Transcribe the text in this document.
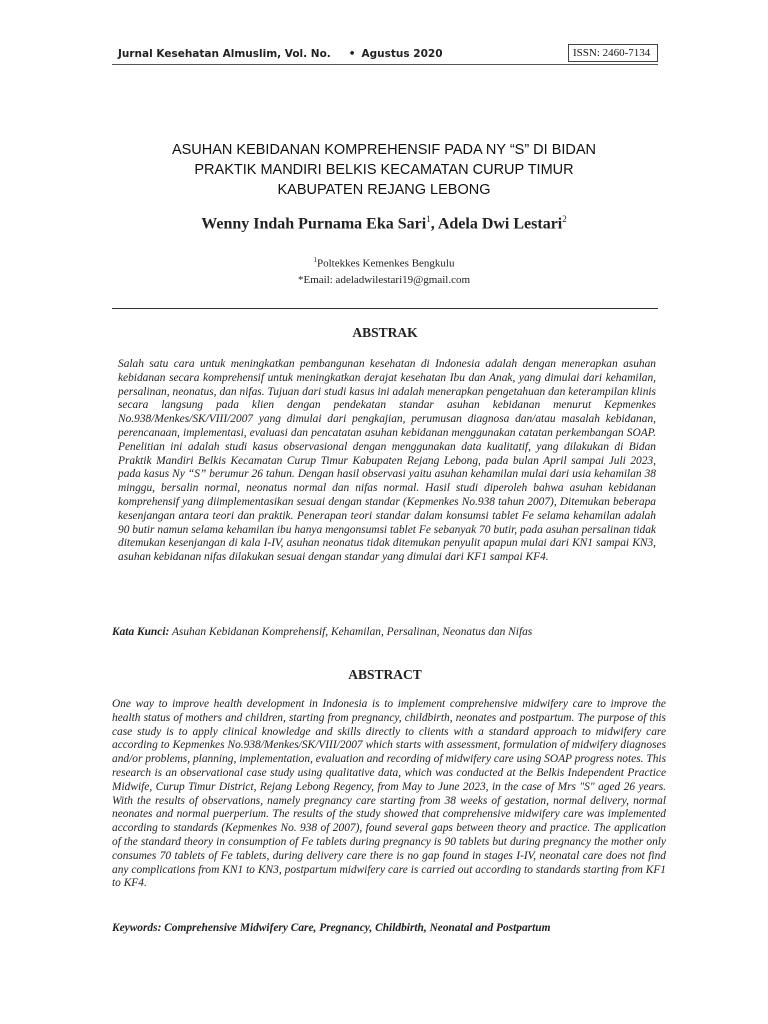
Jurnal Kesehatan Almuslim, Vol. No. • Agustus 2020	ISSN: 2460-7134
ASUHAN KEBIDANAN KOMPREHENSIF PADA NY “S” DI BIDAN
PRAKTIK MANDIRI BELKIS KECAMATAN CURUP TIMUR
KABUPATEN REJANG LEBONG
Wenny Indah Purnama Eka Sari$^1$, Adela Dwi Lestari$^2$
$^1$Poltekkes Kemenkes Bengkulu
*Email: adeladwilestari19@gmail.com
ABSTRAK

Salah satu cara untuk meningkatkan pembangunan kesehatan di Indonesia adalah dengan menerapkan asuhan kebidanan secara komprehensif untuk meningkatkan derajat kesehatan Ibu dan Anak, yang dimulai dari kehamilan, persalinan, neonatus, dan nifas. Tujuan dari studi kasus ini adalah menerapkan pengetahuan dan keterampilan klinis secara langsung pada klien dengan pendekatan standar asuhan kebidanan menurut Kepmenkes No.938/Menkes/SK/VIII/2007 yang dimulai dari pengkajian, perumusan diagnosa dan/atau masalah kebidanan, perencanaan, implementasi, evaluasi dan pencatatan asuhan kebidanan menggunakan catatan perkembangan SOAP. Penelitian ini adalah studi kasus observasional dengan menggunakan data kualitatif, yang dilakukan di Bidan Praktik Mandiri Belkis Kecamatan Curup Timur Kabupaten Rejang Lebong, pada bulan April sampai Juli 2023, pada kasus Ny “S” berumur 26 tahun. Dengan hasil observasi yaitu asuhan kehamilan mulai dari usia kehamilan 38 minggu, bersalin normal, neonatus normal dan nifas normal. Hasil studi diperoleh bahwa asuhan kebidanan komprehensif yang diimplementasikan sesuai dengan standar (Kepmenkes No.938 tahun 2007), Ditemukan beberapa kesenjangan antara teori dan praktik. Penerapan teori standar dalam konsumsi tablet Fe selama kehamilan adalah 90 butir namun selama kehamilan ibu hanya mengonsumsi tablet Fe sebanyak 70 butir, pada asuhan persalinan tidak ditemukan kesenjangan di kala I-IV, asuhan neonatus tidak ditemukan penyulit apapun mulai dari KN1 sampai KN3, asuhan kebidanan nifas dilakukan sesuai dengan standar yang dimulai dari KF1 sampai KF4.

Kata Kunci: Asuhan Kebidanan Komprehensif, Kehamilan, Persalinan, Neonatus dan Nifas

ABSTRACT

One way to improve health development in Indonesia is to implement comprehensive midwifery care to improve the health status of mothers and children, starting from pregnancy, childbirth, neonates and postpartum. The purpose of this case study is to apply clinical knowledge and skills directly to clients with a standard approach to midwifery care according to Kepmenkes No.938/Menkes/SK/VIII/2007 which starts with assessment, formulation of midwifery diagnoses and/or problems, planning, implementation, evaluation and recording of midwifery care using SOAP progress notes. This research is an observational case study using qualitative data, which was conducted at the Belkis Independent Practice Midwife, Curup Timur District, Rejang Lebong Regency, from May to June 2023, in the case of Mrs "S" aged 26 years. With the results of observations, namely pregnancy care starting from 38 weeks of gestation, normal delivery, normal neonates and normal puerperium. The results of the study showed that comprehensive midwifery care was implemented according to standards (Kepmenkes No. 938 of 2007), found several gaps between theory and practice. The application of the standard theory in consumption of Fe tablets during pregnancy is 90 tablets but during pregnancy the mother only consumes 70 tablets of Fe tablets, during delivery care there is no gap found in stages I-IV, neonatal care does not find any complications from KN1 to KN3, postpartum midwifery care is carried out according to standards starting from KF1 to KF4.

Keywords: Comprehensive Midwifery Care, Pregnancy, Childbirth, Neonatal and Postpartum
